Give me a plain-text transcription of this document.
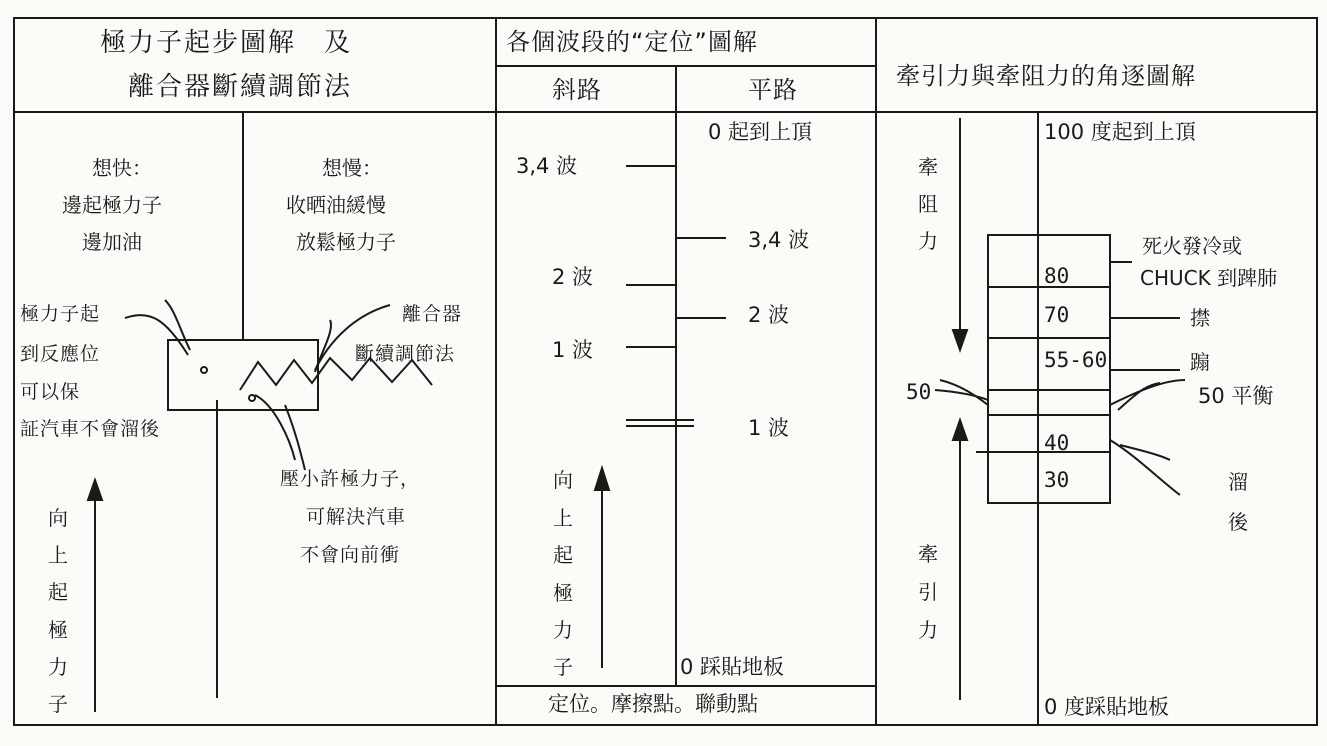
極力子起步圖解　及
離合器斷續調節法
想快：
邊起極力子
邊加油
想慢：
收晒油緩慢
放鬆極力子
極力子起
到反應位
可以保
証汽車不會溜後
離合器
斷續調節法
壓小許極力子，
可解決汽車
不會向前衝
向
上
起
極
力
子
各個波段的“定位”圖解
斜路	平路
0 起到上頂
3,4 波
2 波
1 波
3,4 波
2 波
1 波
向
上
起
極
力
子	0 踩貼地板
定位。摩擦點。聯動點
牽引力與牽阻力的角逐圖解
100 度起到上頂
牽
阻
力
牽
引
力
80
70
55-60
40
30
50
死火發冷或
CHUCK 到䠋肺
㩒
𨃩
50 平衡
溜
後
0 度踩貼地板
